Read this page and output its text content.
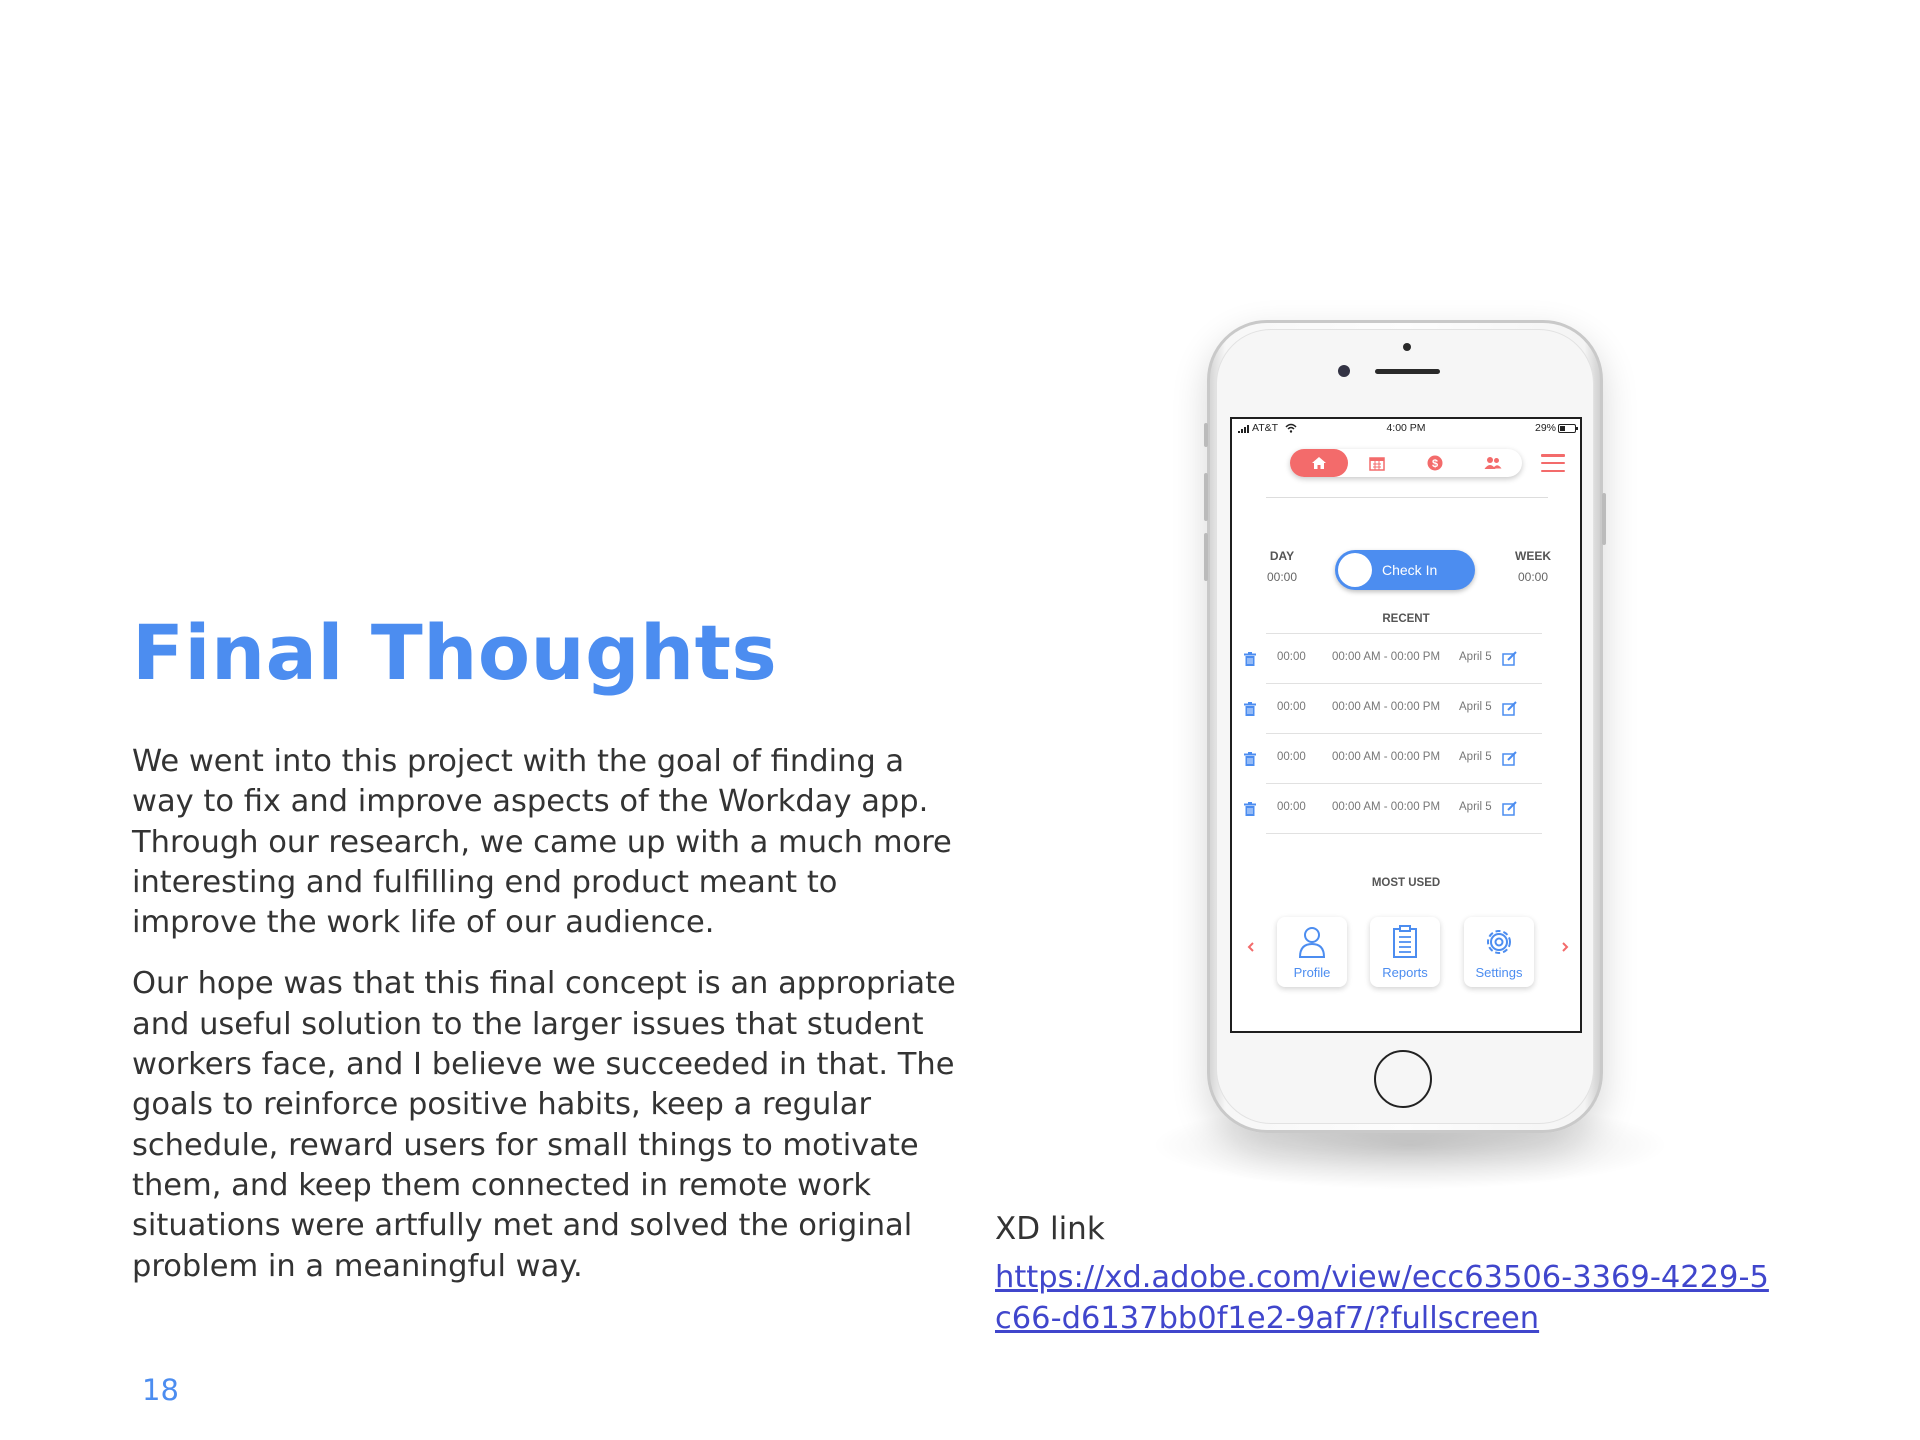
Final Thoughts

We went into this project with the goal of finding a way to fix and improve aspects of the Workday app. Through our research, we came up with a much more interesting and fulfilling end product meant to improve the work life of our audience.

Our hope was that this final concept is an appropriate and useful solution to the larger issues that student workers face, and I believe we succeeded in that. The goals to reinforce positive habits, keep a regular schedule, reward users for small things to motivate them, and keep them connected in remote work situations were artfully met and solved the original problem in a meaningful way.

18
XD link
https://xd.adobe.com/view/ecc63506-3369-4229-5c66-d6137bb0f1e2-9af7/?fullscreen
AT&T	4:00 PM	29%
$
DAY
00:00	Check In
WEEK
00:00
RECENT
00:00 00:00 AM - 00:00 PM April 5
00:00 00:00 AM - 00:00 PM April 5
00:00 00:00 AM - 00:00 PM April 5
00:00 00:00 AM - 00:00 PM April 5
MOST USED
Profile	Reports	Settings
